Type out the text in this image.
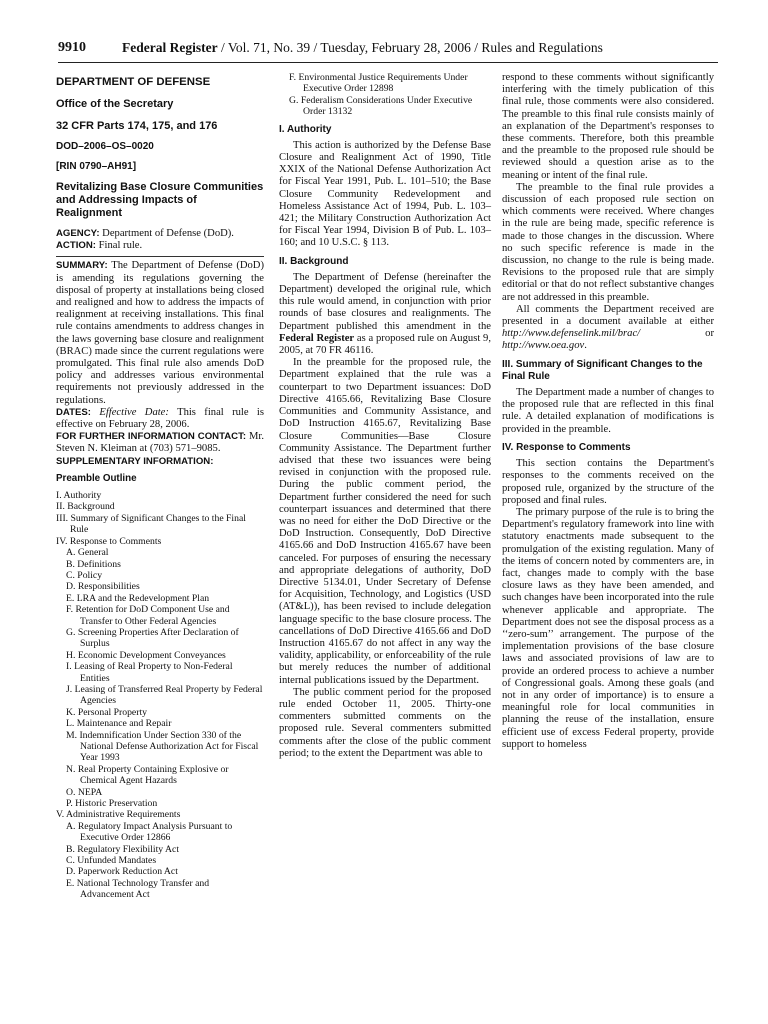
9910	Federal Register / Vol. 71, No. 39 / Tuesday, February 28, 2006 / Rules and Regulations
DEPARTMENT OF DEFENSE
Office of the Secretary
32 CFR Parts 174, 175, and 176
DOD–2006–OS–0020
[RIN 0790–AH91]
Revitalizing Base Closure Communities and Addressing Impacts of Realignment

AGENCY: Department of Defense (DoD).

ACTION: Final rule.

SUMMARY: The Department of Defense (DoD) is amending its regulations governing the disposal of property at installations being closed and realigned and how to address the impacts of realignment at receiving installations. This final rule contains amendments to address changes in the laws governing base closure and realignment (BRAC) made since the current regulations were promulgated. This final rule also amends DoD policy and addresses various environmental requirements not previously addressed in the regulations.

DATES: Effective Date: This final rule is effective on February 28, 2006.

FOR FURTHER INFORMATION CONTACT: Mr. Steven N. Kleiman at (703) 571–9085.

SUPPLEMENTARY INFORMATION:

Preamble Outline
I. Authority
II. Background
III. Summary of Significant Changes to the Final Rule
IV. Response to Comments
A. General
B. Definitions
C. Policy
D. Responsibilities
E. LRA and the Redevelopment Plan
F. Retention for DoD Component Use and Transfer to Other Federal Agencies
G. Screening Properties After Declaration of Surplus
H. Economic Development Conveyances
I. Leasing of Real Property to Non-Federal Entities
J. Leasing of Transferred Real Property by Federal Agencies
K. Personal Property
L. Maintenance and Repair
M. Indemnification Under Section 330 of the National Defense Authorization Act for Fiscal Year 1993
N. Real Property Containing Explosive or Chemical Agent Hazards
O. NEPA
P. Historic Preservation
V. Administrative Requirements
A. Regulatory Impact Analysis Pursuant to Executive Order 12866
B. Regulatory Flexibility Act
C. Unfunded Mandates
D. Paperwork Reduction Act
E. National Technology Transfer and Advancement Act
F. Environmental Justice Requirements Under Executive Order 12898
G. Federalism Considerations Under Executive Order 13132
I. Authority

This action is authorized by the Defense Base Closure and Realignment Act of 1990, Title XXIX of the National Defense Authorization Act for Fiscal Year 1991, Pub. L. 101–510; the Base Closure Community Redevelopment and Homeless Assistance Act of 1994, Pub. L. 103–421; the Military Construction Authorization Act for Fiscal Year 1994, Division B of Pub. L. 103–160; and 10 U.S.C. § 113.

II. Background

The Department of Defense (hereinafter the Department) developed the original rule, which this rule would amend, in conjunction with prior rounds of base closures and realignments. The Department published this amendment in the Federal Register as a proposed rule on August 9, 2005, at 70 FR 46116.

In the preamble for the proposed rule, the Department explained that the rule was a counterpart to two Department issuances: DoD Directive 4165.66, Revitalizing Base Closure Communities and Community Assistance, and DoD Instruction 4165.67, Revitalizing Base Closure Communities—Base Closure Community Assistance. The Department further advised that these two issuances were being revised in conjunction with the proposed rule. During the public comment period, the Department further considered the need for such counterpart issuances and determined that there was no need for either the DoD Directive or the DoD Instruction. Consequently, DoD Directive 4165.66 and DoD Instruction 4165.67 have been canceled. For purposes of ensuring the necessary and appropriate delegations of authority, DoD Directive 5134.01, Under Secretary of Defense for Acquisition, Technology, and Logistics (USD (AT&L)), has been revised to include delegation language specific to the base closure process. The cancellations of DoD Directive 4165.66 and DoD Instruction 4165.67 do not affect in any way the validity, applicability, or enforceability of the rule but merely reduces the number of additional internal publications issued by the Department.

The public comment period for the proposed rule ended October 11, 2005. Thirty-one commenters submitted comments on the proposed rule. Several commenters submitted comments after the close of the public comment period; to the extent the Department was able to

respond to these comments without significantly interfering with the timely publication of this final rule, those comments were also considered. The preamble to this final rule consists mainly of an explanation of the Department's responses to these comments. Therefore, both this preamble and the preamble to the proposed rule should be reviewed should a question arise as to the meaning or intent of the final rule.

The preamble to the final rule provides a discussion of each proposed rule section on which comments were received. Where changes in the rule are being made, specific reference is made to those changes in the discussion. Where no such specific reference is made in the discussion, no change to the rule is being made. Revisions to the proposed rule that are simply editorial or that do not reflect substantive changes are not addressed in this preamble.

All comments the Department received are presented in a document available at either http://www.defenselink.mil/brac/ or http://www.oea.gov.

III. Summary of Significant Changes to the Final Rule

The Department made a number of changes to the proposed rule that are reflected in this final rule. A detailed explanation of modifications is provided in the preamble.

IV. Response to Comments

This section contains the Department's responses to the comments received on the proposed rule, organized by the structure of the proposed and final rules.

The primary purpose of the rule is to bring the Department's regulatory framework into line with statutory enactments made subsequent to the promulgation of the existing regulation. Many of the items of concern noted by commenters are, in fact, changes made to comply with the base closure laws as they have been amended, and such changes have been incorporated into the rule whenever applicable and appropriate. The Department does not see the disposal process as a ‘‘zero-sum’’ arrangement. The purpose of the implementation provisions of the base closure laws and associated provisions of law are to provide an ordered process to achieve a number of Congressional goals. Among these goals (and not in any order of importance) is to ensure a meaningful role for local communities in planning the reuse of the installation, ensure efficient use of excess Federal property, provide support to homeless
